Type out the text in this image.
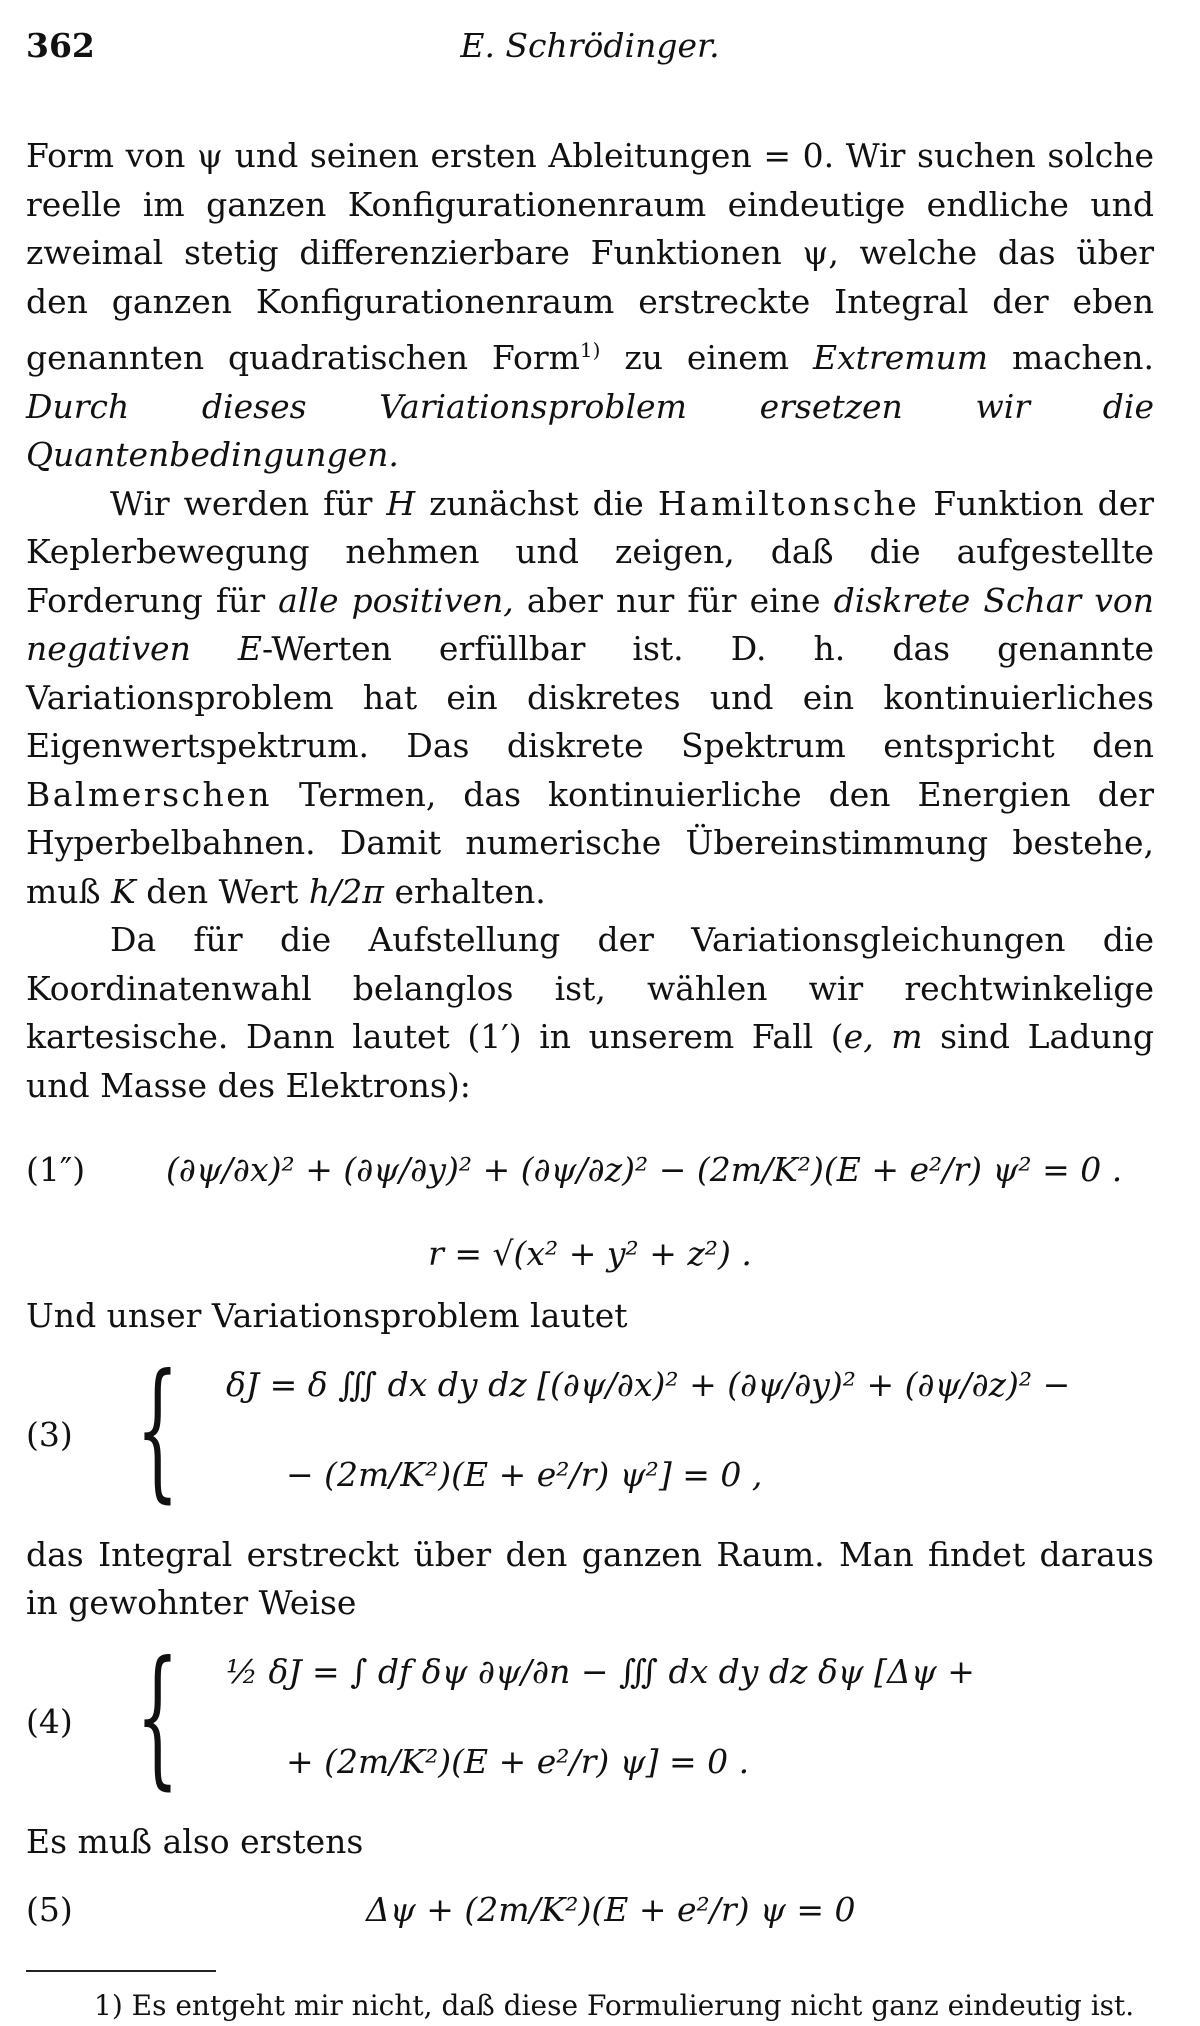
362	E. Schrödinger.

Form von ψ und seinen ersten Ableitungen = 0. Wir suchen solche reelle im ganzen Konfigurationenraum eindeutige endliche und zweimal stetig differenzierbare Funktionen ψ, welche das über den ganzen Konfigurationenraum erstreckte Integral der eben genannten quadratischen Form$^{1)}$ zu einem Extremum machen. Durch dieses Variationsproblem ersetzen wir die Quantenbedingungen.

Wir werden für H zunächst die Hamiltonsche Funktion der Keplerbewegung nehmen und zeigen, daß die aufgestellte Forderung für alle positiven, aber nur für eine diskrete Schar von negativen E-Werten erfüllbar ist. D. h. das genannte Variationsproblem hat ein diskretes und ein kontinuierliches Eigenwertspektrum. Das diskrete Spektrum entspricht den Balmerschen Termen, das kontinuierliche den Energien der Hyperbelbahnen. Damit numerische Übereinstimmung bestehe, muß K den Wert h/2π erhalten.

Da für die Aufstellung der Variationsgleichungen die Koordinatenwahl belanglos ist, wählen wir rechtwinkelige kartesische. Dann lautet (1′) in unserem Fall (e, m sind Ladung und Masse des Elektrons):

(1″) (∂ψ/∂x)² + (∂ψ/∂y)² + (∂ψ/∂z)² − (2m/K²)(E + e²/r) ψ² = 0 .
r = √(x² + y² + z²) .

Und unser Variationsproblem lautet

(3) { δJ = δ ∭ dx dy dz [(∂ψ/∂x)² + (∂ψ/∂y)² + (∂ψ/∂z)² −
− (2m/K²)(E + e²/r) ψ²] = 0 ,

das Integral erstreckt über den ganzen Raum. Man findet daraus in gewohnter Weise

(4) { ½ δJ = ∫ df δψ ∂ψ/∂n − ∭ dx dy dz δψ [Δψ +
+ (2m/K²)(E + e²/r) ψ] = 0 .

Es muß also erstens

(5)	Δψ + (2m/K²)(E + e²/r) ψ = 0

1) Es entgeht mir nicht, daß diese Formulierung nicht ganz eindeutig ist.
